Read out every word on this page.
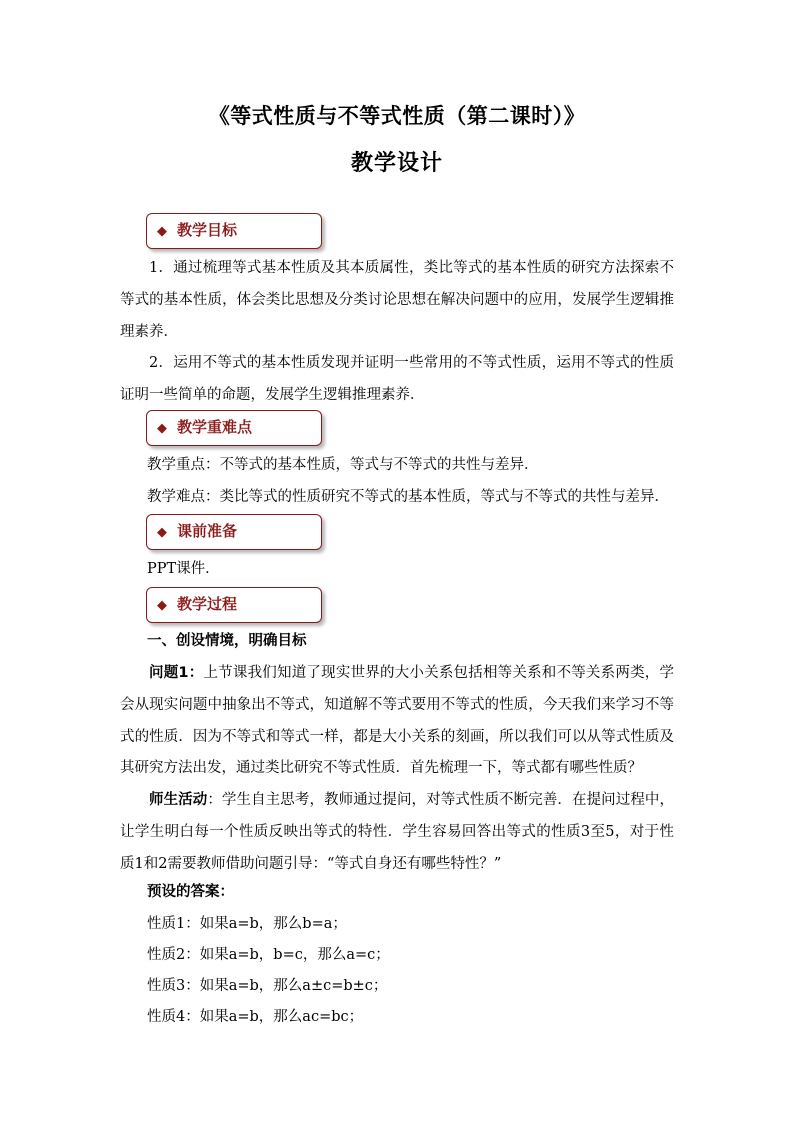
《等式性质与不等式性质（第二课时）》
教学设计
◆ 教学目标
1．通过梳理等式基本性质及其本质属性，类比等式的基本性质的研究方法探索不等式的基本性质，体会类比思想及分类讨论思想在解决问题中的应用，发展学生逻辑推理素养．
2．运用不等式的基本性质发现并证明一些常用的不等式性质，运用不等式的性质证明一些简单的命题，发展学生逻辑推理素养．
◆ 教学重难点
教学重点：不等式的基本性质，等式与不等式的共性与差异．
教学难点：类比等式的性质研究不等式的基本性质，等式与不等式的共性与差异．
◆ 课前准备
PPT课件．
◆ 教学过程
一、创设情境，明确目标
问题1：上节课我们知道了现实世界的大小关系包括相等关系和不等关系两类，学会从现实问题中抽象出不等式，知道解不等式要用不等式的性质，今天我们来学习不等式的性质．因为不等式和等式一样，都是大小关系的刻画，所以我们可以从等式性质及其研究方法出发，通过类比研究不等式性质．首先梳理一下，等式都有哪些性质？
师生活动：学生自主思考，教师通过提问，对等式性质不断完善．在提问过程中，让学生明白每一个性质反映出等式的特性．学生容易回答出等式的性质3至5，对于性质1和2需要教师借助问题引导：“等式自身还有哪些特性？”
预设的答案：
性质1：如果a=b，那么b=a；
性质2：如果a=b，b=c，那么a=c；
性质3：如果a=b，那么a±c=b±c；
性质4：如果a=b，那么ac=bc；
